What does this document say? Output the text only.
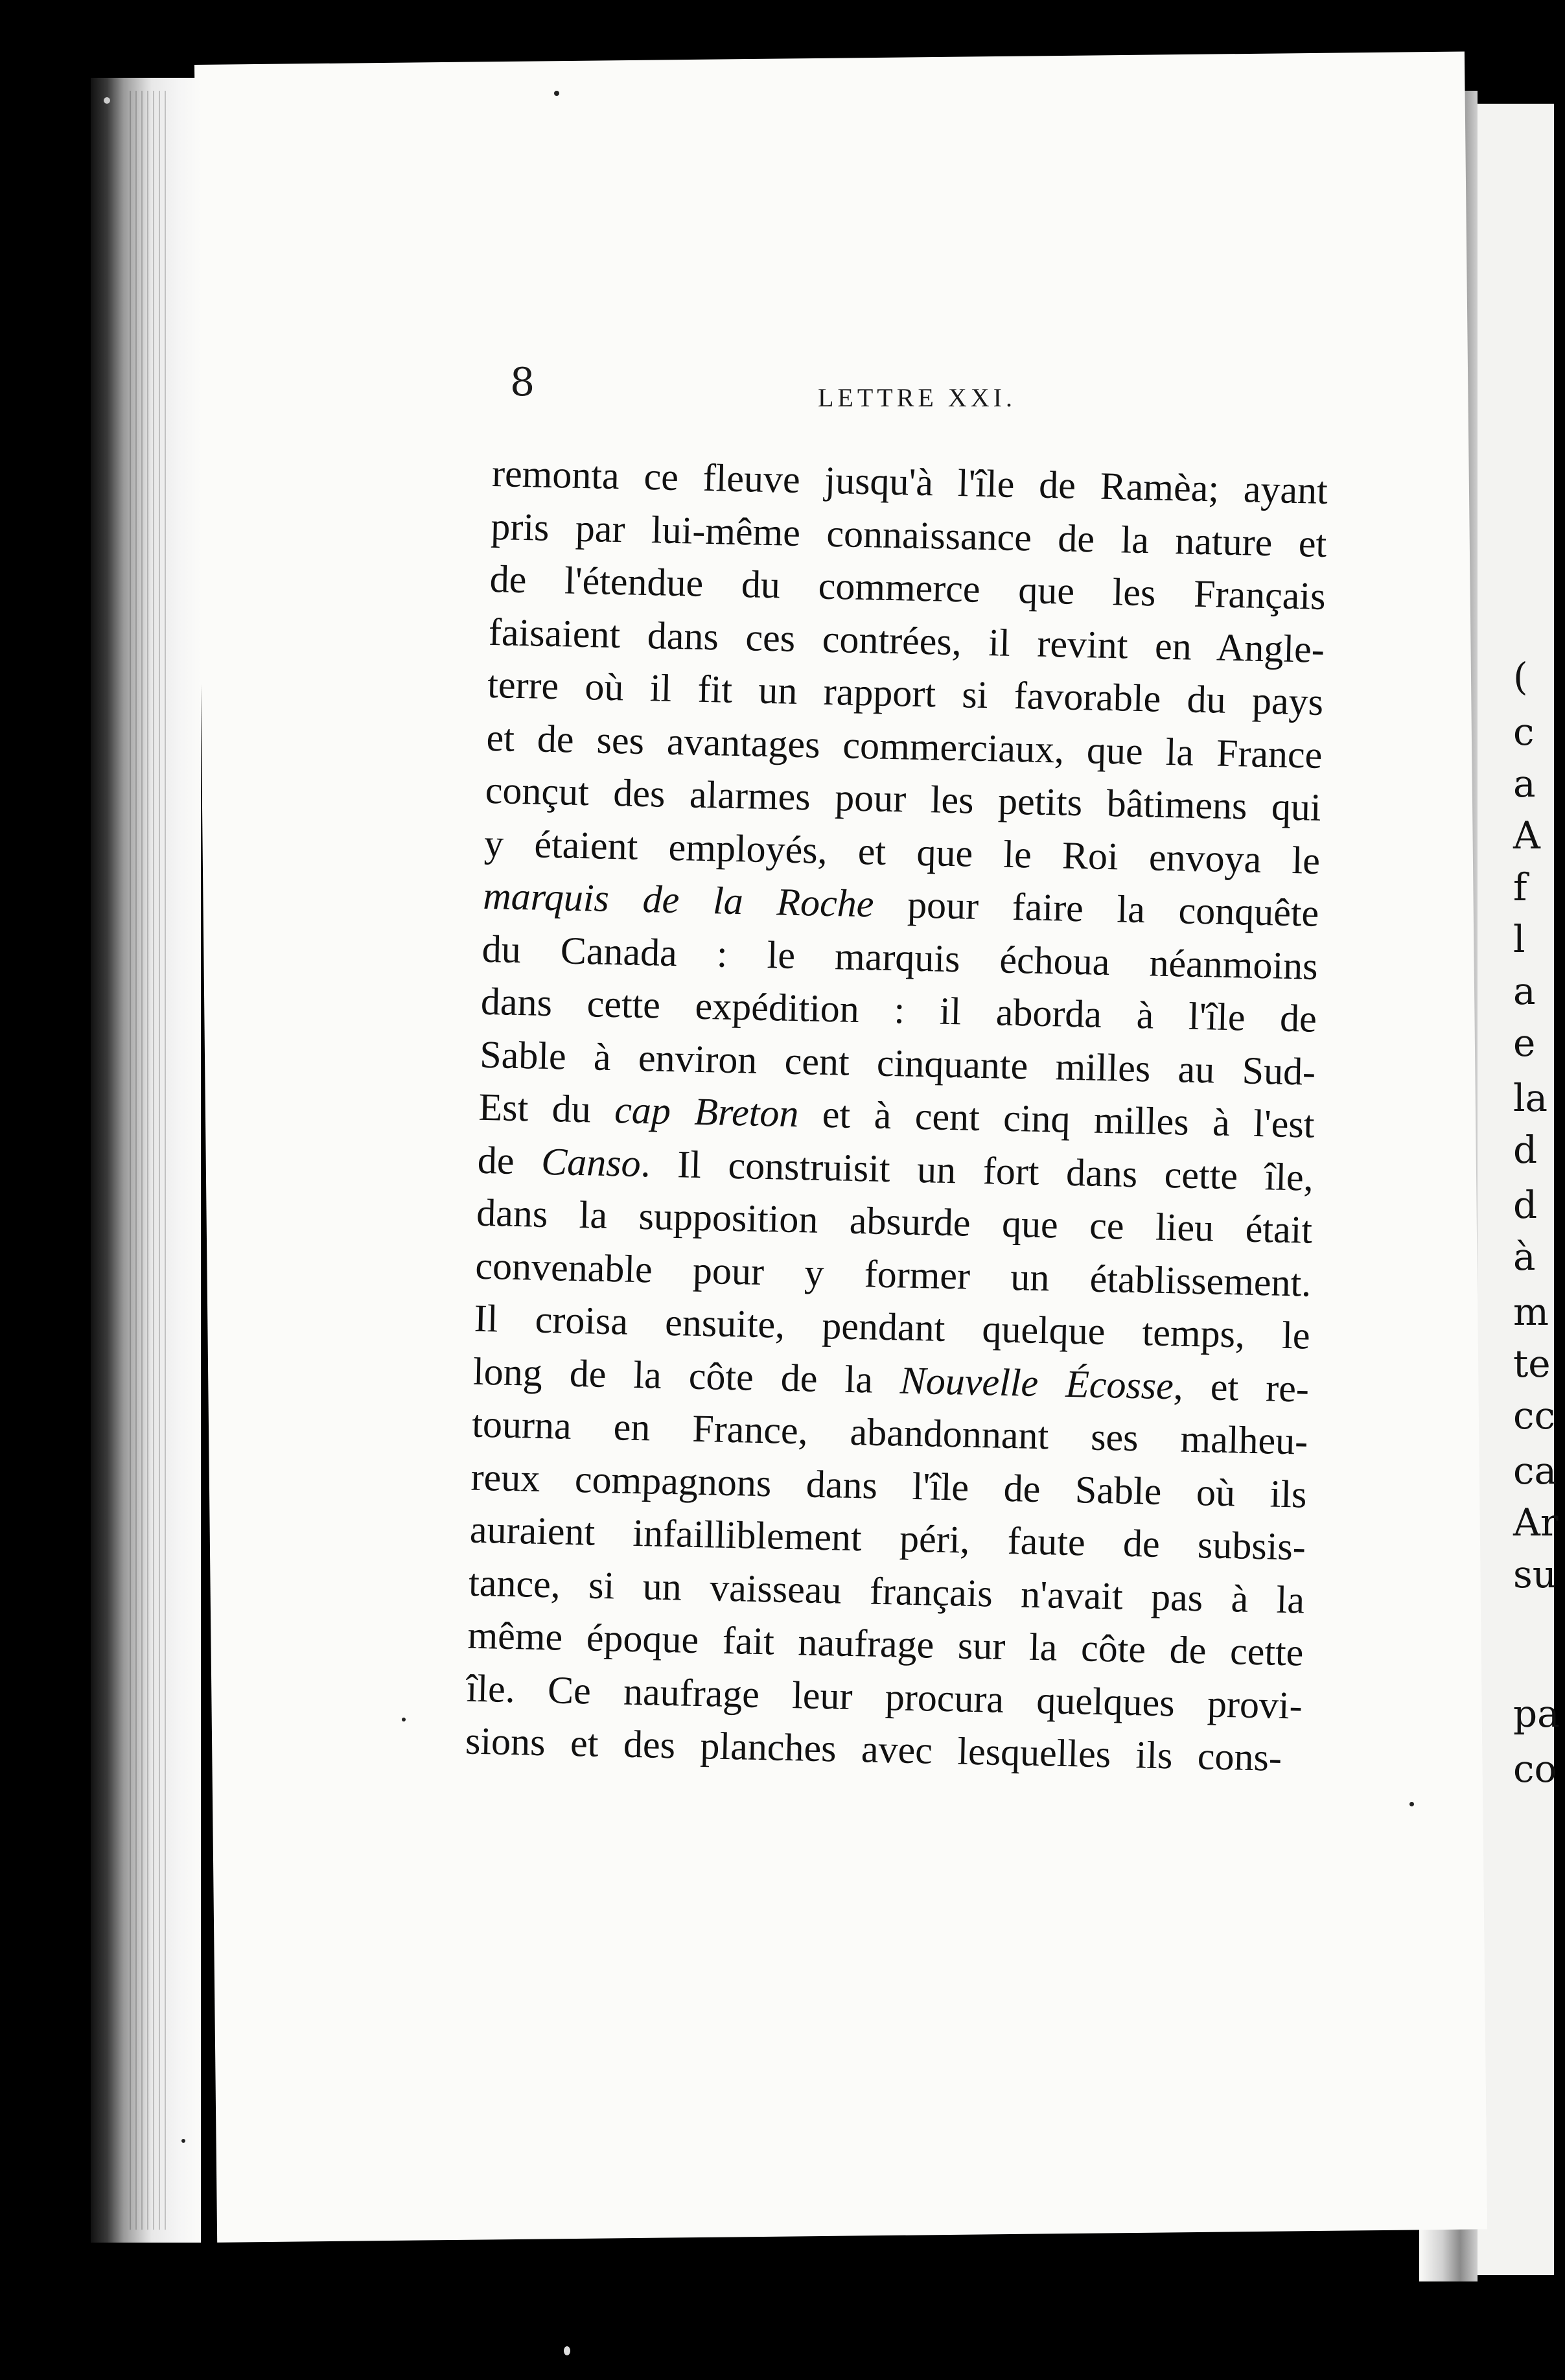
(
c
a
A
f
l
a
e
la
d
d
à
m
te
cc
ca
Ar
su
pa
co
8	LETTRE XXI.
remonta ce fleuve jusqu'à l'île de Ramèa; ayant
pris par lui-même connaissance de la nature et
de l'étendue du commerce que les Français
faisaient dans ces contrées, il revint en Angle-
terre où il fit un rapport si favorable du pays
et de ses avantages commerciaux, que la France
conçut des alarmes pour les petits bâtimens qui
y étaient employés, et que le Roi envoya le
marquis de la Roche pour faire la conquête
du Canada : le marquis échoua néanmoins
dans cette expédition : il aborda à l'île de
Sable à environ cent cinquante milles au Sud-
Est du cap Breton et à cent cinq milles à l'est
de Canso. Il construisit un fort dans cette île,
dans la supposition absurde que ce lieu était
convenable pour y former un établissement.
Il croisa ensuite, pendant quelque temps, le
long de la côte de la Nouvelle Écosse, et re-
tourna en France, abandonnant ses malheu-
reux compagnons dans l'île de Sable où ils
auraient infailliblement péri, faute de subsis-
tance, si un vaisseau français n'avait pas à la
même époque fait naufrage sur la côte de cette
île. Ce naufrage leur procura quelques provi-
sions et des planches avec lesquelles ils cons-
